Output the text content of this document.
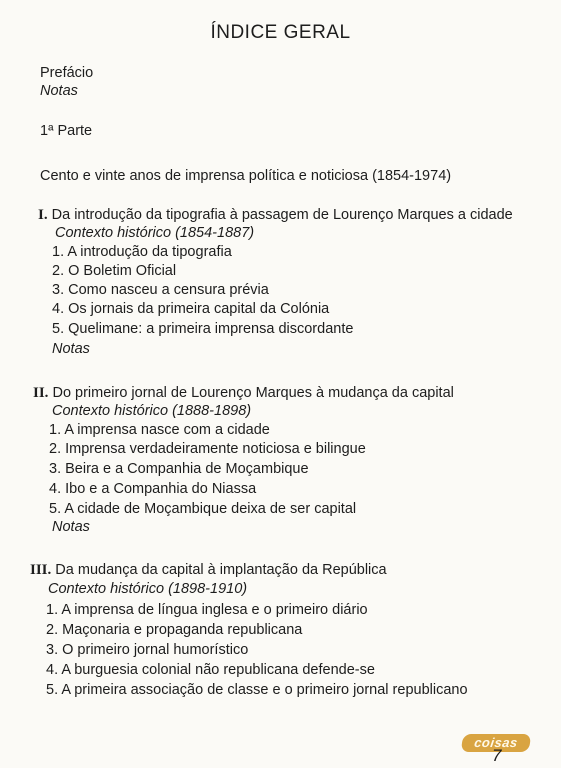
ÍNDICE GERAL
Prefácio
Notas
1ª Parte
Cento e vinte anos de imprensa política e noticiosa (1854-1974)
I. Da introdução da tipografia à passagem de Lourenço Marques a cidade
Contexto histórico (1854-1887)
1. A introdução da tipografia
2. O Boletim Oficial
3. Como nasceu a censura prévia
4. Os jornais da primeira capital da Colónia
5. Quelimane: a primeira imprensa discordante
Notas
II. Do primeiro jornal de Lourenço Marques à mudança da capital
Contexto histórico (1888-1898)
1. A imprensa nasce com a cidade
2. Imprensa verdadeiramente noticiosa e bilingue
3. Beira e a Companhia de Moçambique
4. Ibo e a Companhia do Niassa
5. A cidade de Moçambique deixa de ser capital
Notas
III. Da mudança da capital à implantação da República
Contexto histórico (1898-1910)
1. A imprensa de língua inglesa e o primeiro diário
2. Maçonaria e propaganda republicana
3. O primeiro jornal humorístico
4. A burguesia colonial não republicana defende-se
5. A primeira associação de classe e o primeiro jornal republicano
coisas
7
